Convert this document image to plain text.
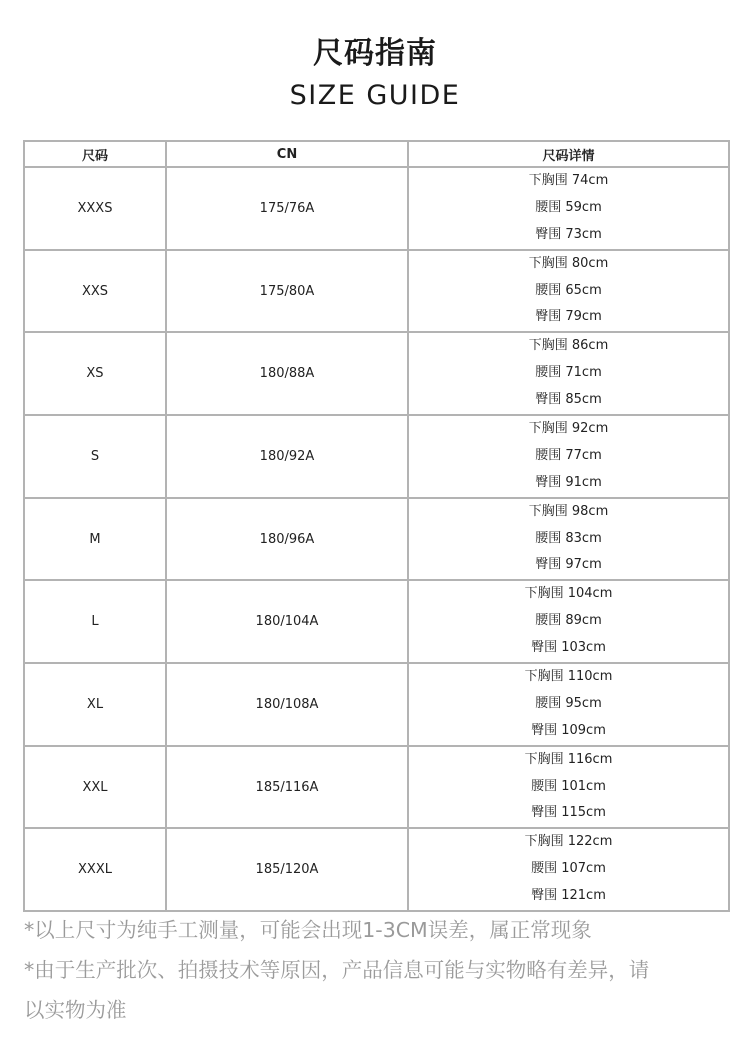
尺码指南
SIZE GUIDE
尺码	CN	尺码详情
XXXS	175/76A	下胸围 74cm
腰围 59cm
臀围 73cm

XXS	175/80A	下胸围 80cm
腰围 65cm
臀围 79cm

XS	180/88A	下胸围 86cm
腰围 71cm
臀围 85cm

S	180/92A	下胸围 92cm
腰围 77cm
臀围 91cm

M	180/96A	下胸围 98cm
腰围 83cm
臀围 97cm

L	180/104A	下胸围 104cm
腰围 89cm
臀围 103cm

XL	180/108A	下胸围 110cm
腰围 95cm
臀围 109cm

XXL	185/116A	下胸围 116cm
腰围 101cm
臀围 115cm

XXXL	185/120A	下胸围 122cm
腰围 107cm
臀围 121cm
*以上尺寸为纯手工测量，可能会出现1-3CM误差，属正常现象
*由于生产批次、拍摄技术等原因，产品信息可能与实物略有差异，请
以实物为准
